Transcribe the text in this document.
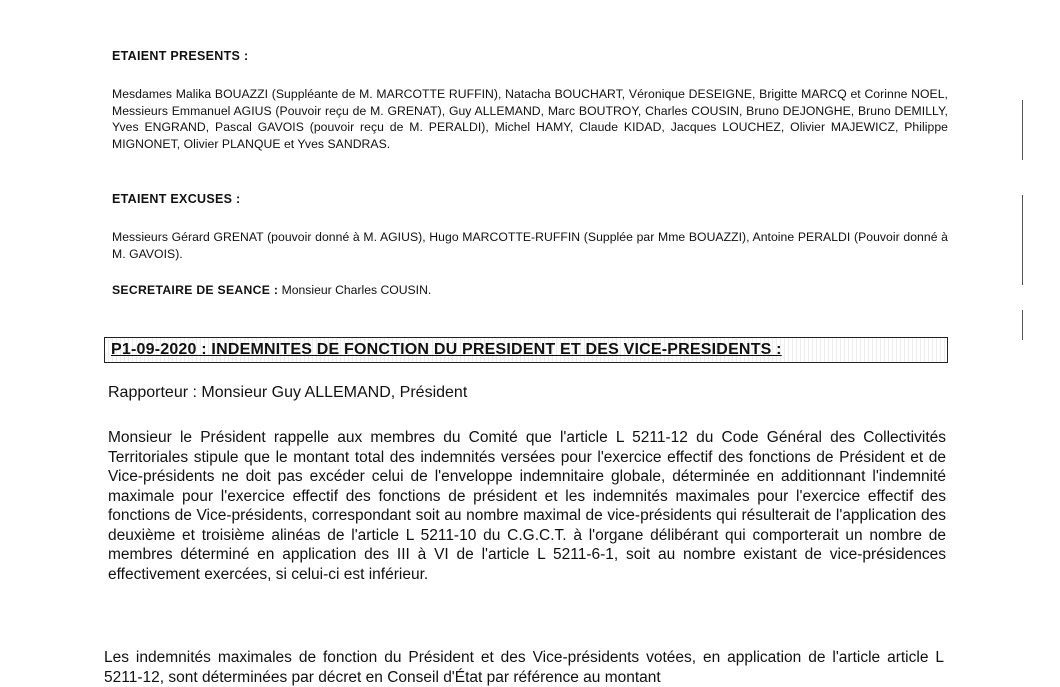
ETAIENT PRESENTS :
Mesdames Malika BOUAZZI (Suppléante de M. MARCOTTE RUFFIN), Natacha BOUCHART, Véronique DESEIGNE, Brigitte MARCQ et Corinne NOEL, Messieurs Emmanuel AGIUS (Pouvoir reçu de M. GRENAT), Guy ALLEMAND, Marc BOUTROY, Charles COUSIN, Bruno DEJONGHE, Bruno DEMILLY, Yves ENGRAND, Pascal GAVOIS (pouvoir reçu de M. PERALDI), Michel HAMY, Claude KIDAD, Jacques LOUCHEZ, Olivier MAJEWICZ, Philippe MIGNONET, Olivier PLANQUE et Yves SANDRAS.
ETAIENT EXCUSES :
Messieurs Gérard GRENAT (pouvoir donné à M. AGIUS), Hugo MARCOTTE-RUFFIN (Supplée par Mme BOUAZZI), Antoine PERALDI (Pouvoir donné à M. GAVOIS).
SECRETAIRE DE SEANCE : Monsieur Charles COUSIN.
P1-09-2020 : INDEMNITES DE FONCTION DU PRESIDENT ET DES VICE-PRESIDENTS :
Rapporteur : Monsieur Guy ALLEMAND, Président
Monsieur le Président rappelle aux membres du Comité que l'article L 5211-12 du Code Général des Collectivités Territoriales stipule que le montant total des indemnités versées pour l'exercice effectif des fonctions de Président et de Vice-présidents ne doit pas excéder celui de l'enveloppe indemnitaire globale, déterminée en additionnant l'indemnité maximale pour l'exercice effectif des fonctions de président et les indemnités maximales pour l'exercice effectif des fonctions de Vice-présidents, correspondant soit au nombre maximal de vice-présidents qui résulterait de l'application des deuxième et troisième alinéas de l'article L 5211-10 du C.G.C.T. à l'organe délibérant qui comporterait un nombre de membres déterminé en application des III à VI de l'article L 5211-6-1, soit au nombre existant de vice-présidences effectivement exercées, si celui-ci est inférieur.
Les indemnités maximales de fonction du Président et des Vice-présidents votées, en application de l'article article L 5211-12, sont déterminées par décret en Conseil d'État par référence au montant
